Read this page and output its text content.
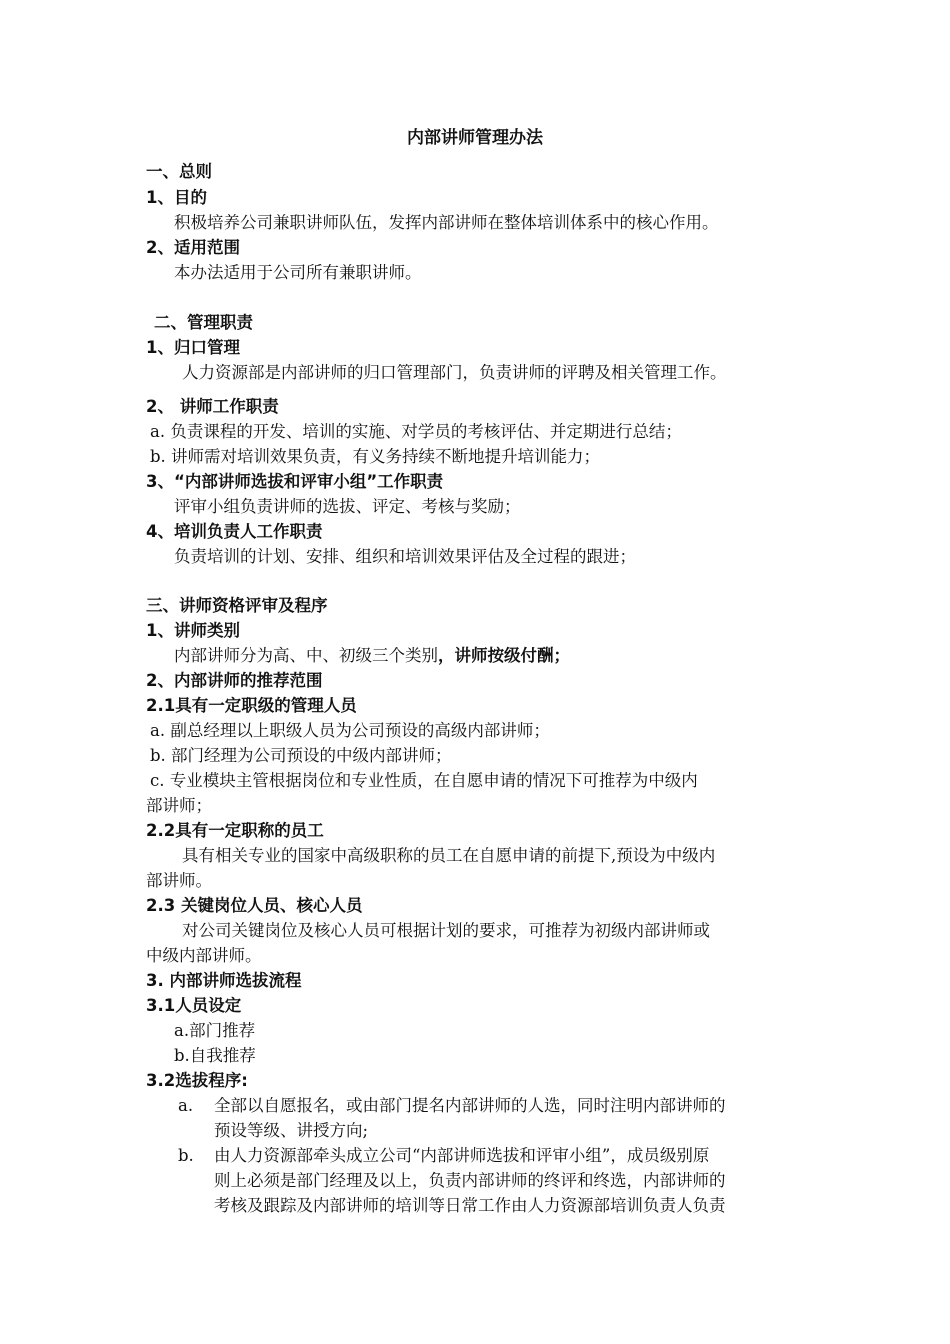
内部讲师管理办法
一、总则
1、目的
积极培养公司兼职讲师队伍，发挥内部讲师在整体培训体系中的核心作用。
2、适用范围
本办法适用于公司所有兼职讲师。
二、管理职责
1、归口管理
人力资源部是内部讲师的归口管理部门，负责讲师的评聘及相关管理工作。
2、 讲师工作职责
a. 负责课程的开发、培训的实施、对学员的考核评估、并定期进行总结；
b. 讲师需对培训效果负责，有义务持续不断地提升培训能力；
3、“内部讲师选拔和评审小组”工作职责
评审小组负责讲师的选拔、评定、考核与奖励；
4、培训负责人工作职责
负责培训的计划、安排、组织和培训效果评估及全过程的跟进；
三、讲师资格评审及程序
1、讲师类别
内部讲师分为高、中、初级三个类别，讲师按级付酬；
2、内部讲师的推荐范围
2.1具有一定职级的管理人员
a. 副总经理以上职级人员为公司预设的高级内部讲师；
b. 部门经理为公司预设的中级内部讲师；
c. 专业模块主管根据岗位和专业性质，在自愿申请的情况下可推荐为中级内
部讲师；
2.2具有一定职称的员工
具有相关专业的国家中高级职称的员工在自愿申请的前提下,预设为中级内
部讲师。
2.3 关键岗位人员、核心人员
对公司关键岗位及核心人员可根据计划的要求，可推荐为初级内部讲师或
中级内部讲师。
3. 内部讲师选拔流程
3.1人员设定
a.部门推荐
b.自我推荐
3.2选拔程序:
a. 全部以自愿报名，或由部门提名内部讲师的人选，同时注明内部讲师的
预设等级、讲授方向;
b. 由人力资源部牵头成立公司“内部讲师选拔和评审小组”，成员级别原
则上必须是部门经理及以上，负责内部讲师的终评和终选，内部讲师的
考核及跟踪及内部讲师的培训等日常工作由人力资源部培训负责人负责
